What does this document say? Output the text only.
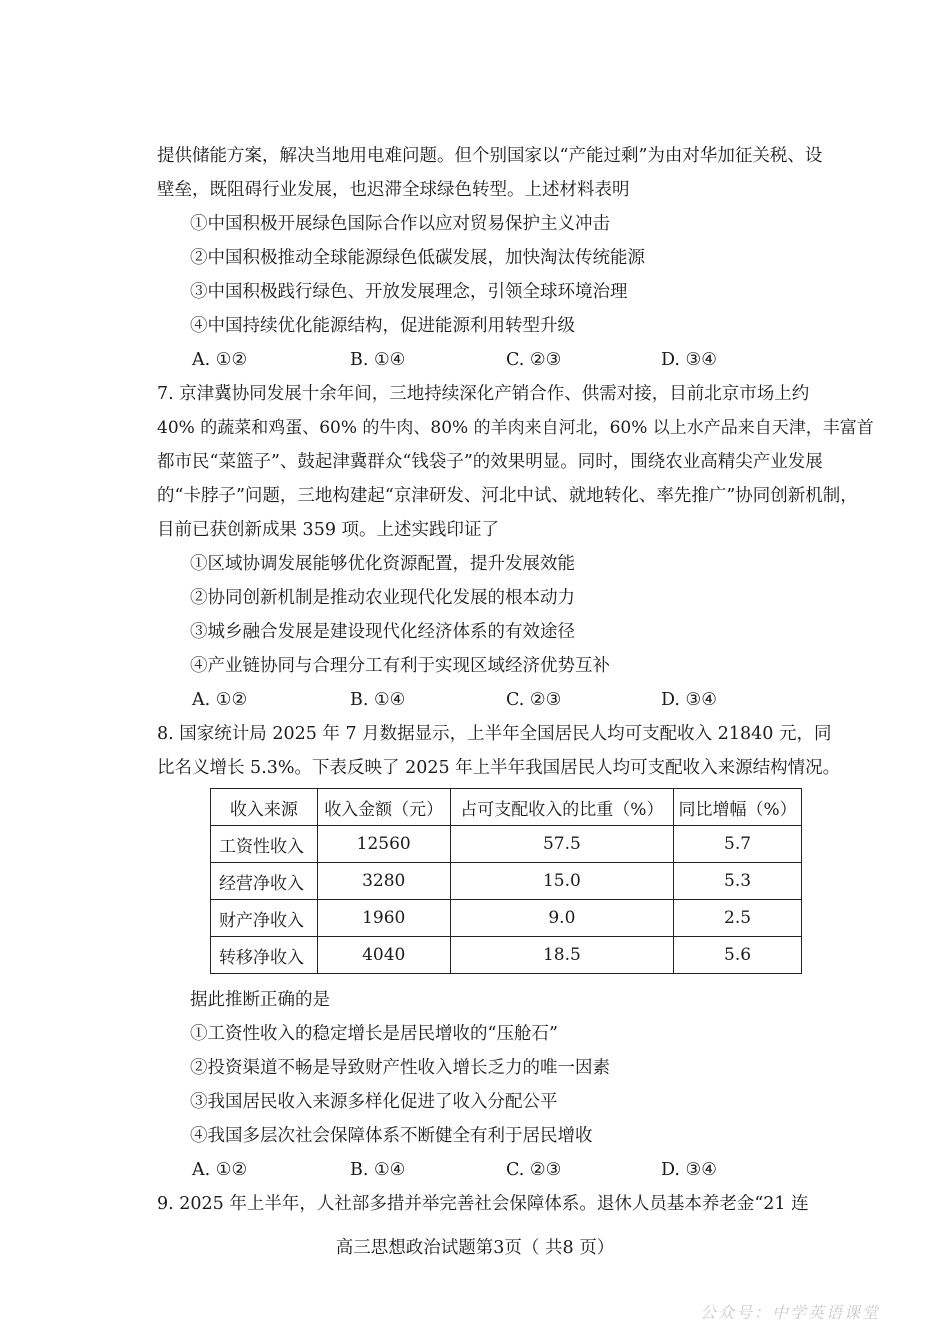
提供储能方案，解决当地用电难问题。但个别国家以“产能过剩”为由对华加征关税、设
壁垒，既阻碍行业发展，也迟滞全球绿色转型。上述材料表明
①中国积极开展绿色国际合作以应对贸易保护主义冲击
②中国积极推动全球能源绿色低碳发展，加快淘汰传统能源
③中国积极践行绿色、开放发展理念，引领全球环境治理
④中国持续优化能源结构，促进能源利用转型升级
A. ①②	B. ①④	C. ②③	D. ③④
7. 京津冀协同发展十余年间，三地持续深化产销合作、供需对接，目前北京市场上约
40% 的蔬菜和鸡蛋、60% 的牛肉、80% 的羊肉来自河北，60% 以上水产品来自天津，丰富首
都市民“菜篮子”、鼓起津冀群众“钱袋子”的效果明显。同时，围绕农业高精尖产业发展
的“卡脖子”问题，三地构建起“京津研发、河北中试、就地转化、率先推广”协同创新机制，
目前已获创新成果 359 项。上述实践印证了
①区域协调发展能够优化资源配置，提升发展效能
②协同创新机制是推动农业现代化发展的根本动力
③城乡融合发展是建设现代化经济体系的有效途径
④产业链协同与合理分工有利于实现区域经济优势互补
A. ①②	B. ①④	C. ②③	D. ③④
8. 国家统计局 2025 年 7 月数据显示，上半年全国居民人均可支配收入 21840 元，同
比名义增长 5.3%。下表反映了 2025 年上半年我国居民人均可支配收入来源结构情况。
收入来源	收入金额（元）	占可支配收入的比重（%）	同比增幅（%）
工资性收入	12560	57.5	5.7
经营净收入	3280	15.0	5.3
财产净收入	1960	9.0	2.5
转移净收入	4040	18.5	5.6
据此推断正确的是
①工资性收入的稳定增长是居民增收的“压舱石”
②投资渠道不畅是导致财产性收入增长乏力的唯一因素
③我国居民收入来源多样化促进了收入分配公平
④我国多层次社会保障体系不断健全有利于居民增收
A. ①②	B. ①④	C. ②③	D. ③④
9. 2025 年上半年，人社部多措并举完善社会保障体系。退休人员基本养老金“21 连
高三思想政治试题第3页（ 共8 页）
公众号：中学英语课堂
